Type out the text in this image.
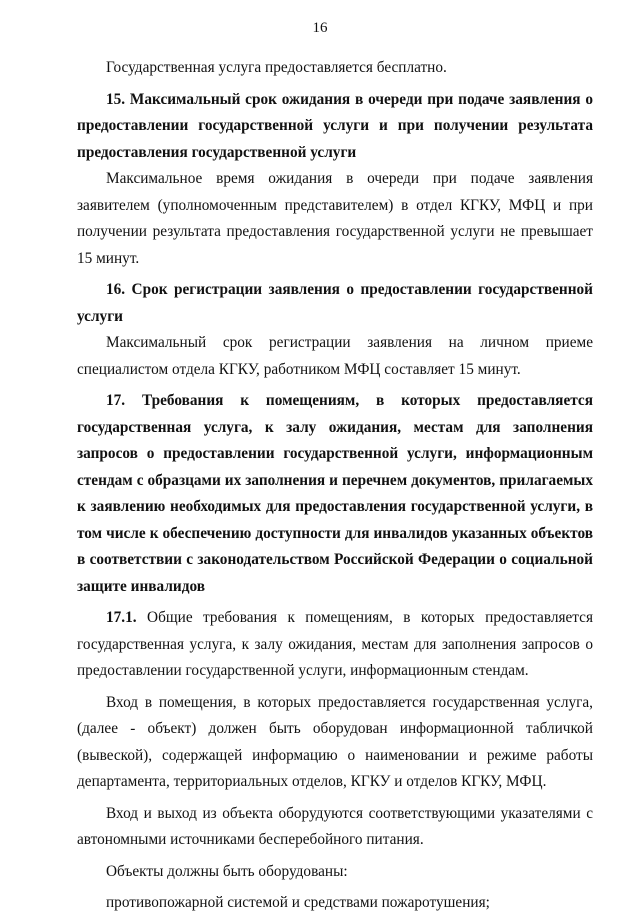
16

Государственная услуга предоставляется бесплатно.

15. Максимальный срок ожидания в очереди при подаче заявления о предоставлении государственной услуги и при получении результата предоставления государственной услуги

Максимальное время ожидания в очереди при подаче заявления заявителем (уполномоченным представителем) в отдел КГКУ, МФЦ и при получении результата предоставления государственной услуги не превышает 15 минут.

16. Срок регистрации заявления о предоставлении государственной услуги

Максимальный срок регистрации заявления на личном приеме специалистом отдела КГКУ, работником МФЦ составляет 15 минут.

17. Требования к помещениям, в которых предоставляется государственная услуга, к залу ожидания, местам для заполнения запросов о предоставлении государственной услуги, информационным стендам с образцами их заполнения и перечнем документов, прилагаемых к заявлению необходимых для предоставления государственной услуги, в том числе к обеспечению доступности для инвалидов указанных объектов в соответствии с законодательством Российской Федерации о социальной защите инвалидов

17.1. Общие требования к помещениям, в которых предоставляется государственная услуга, к залу ожидания, местам для заполнения запросов о предоставлении государственной услуги, информационным стендам.

Вход в помещения, в которых предоставляется государственная услуга, (далее - объект) должен быть оборудован информационной табличкой (вывеской), содержащей информацию о наименовании и режиме работы департамента, территориальных отделов, КГКУ и отделов КГКУ, МФЦ.

Вход и выход из объекта оборудуются соответствующими указателями с автономными источниками бесперебойного питания.

Объекты должны быть оборудованы:

противопожарной системой и средствами пожаротушения;
